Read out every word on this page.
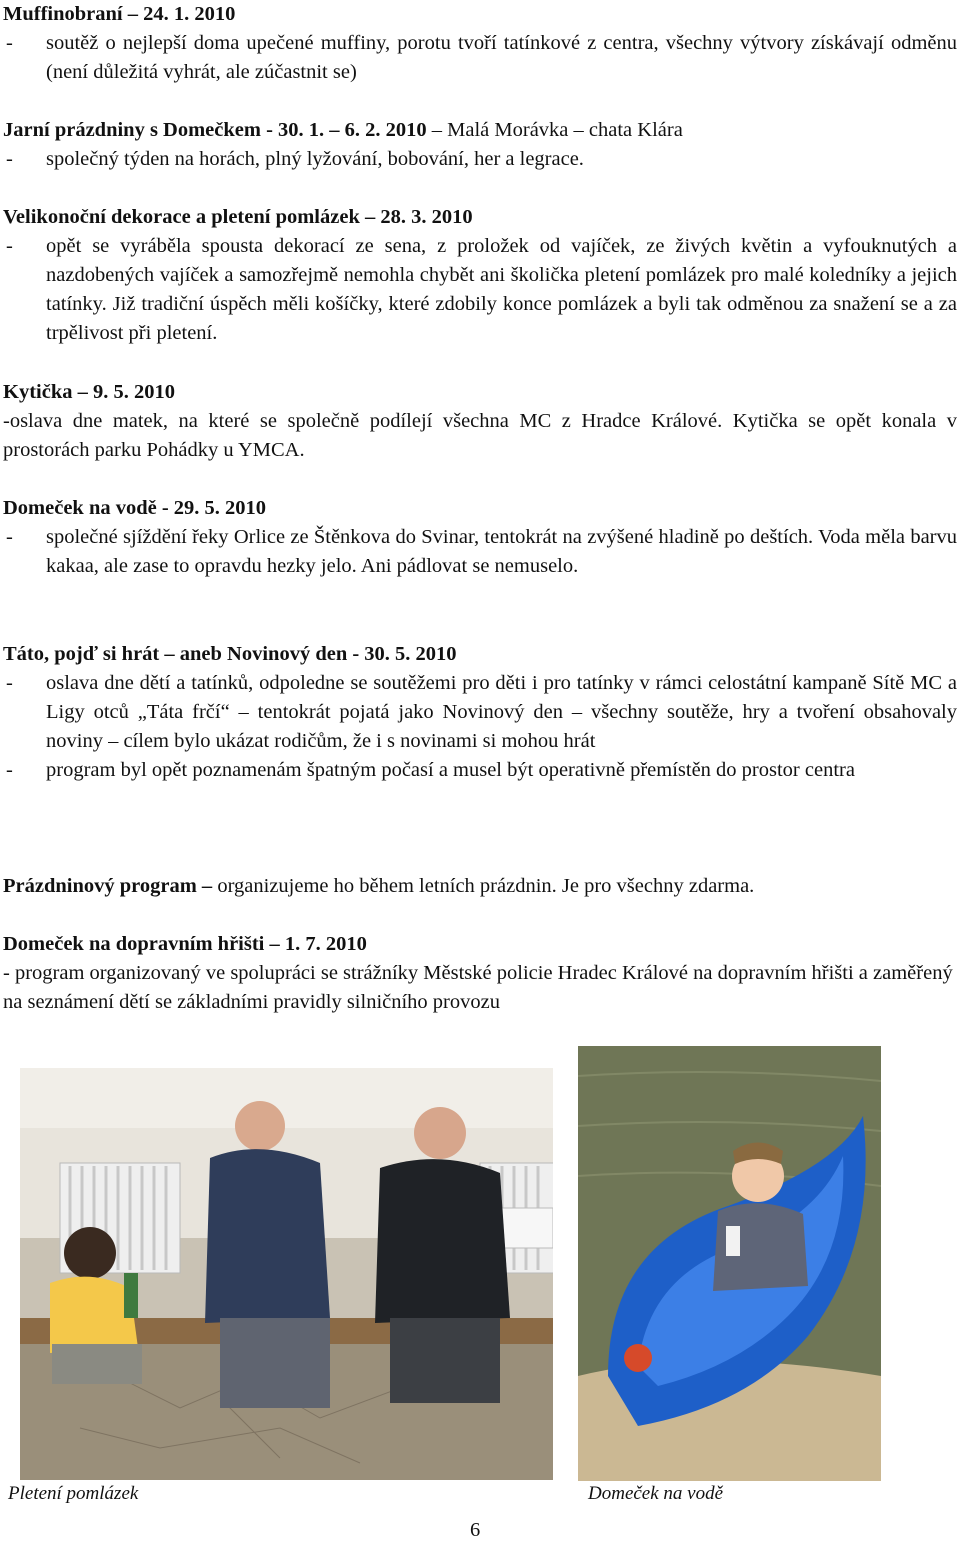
Muffinobraní – 24. 1. 2010

- soutěž o nejlepší doma upečené muffiny, porotu tvoří tatínkové z centra, všechny výtvory získávají odměnu (není důležitá vyhrát, ale zúčastnit se)

Jarní prázdniny s Domečkem - 30. 1. – 6. 2. 2010 – Malá Morávka – chata Klára

- společný týden na horách, plný lyžování, bobování, her a legrace.

Velikonoční dekorace a pletení pomlázek – 28. 3. 2010

- opět se vyráběla spousta dekorací ze sena, z proložek od vajíček, ze živých květin a vyfouknutých a nazdobených vajíček a samozřejmě nemohla chybět ani školička pletení pomlázek pro malé koledníky a jejich tatínky. Již tradiční úspěch měli košíčky, které zdobily konce pomlázek a byli tak odměnou za snažení se a za trpělivost při pletení.

Kytička – 9. 5. 2010

-oslava dne matek, na které se společně podílejí všechna MC z Hradce Králové. Kytička se opět konala v prostorách parku Pohádky u YMCA.

Domeček na vodě - 29. 5. 2010

- společné sjíždění řeky Orlice ze Štěnkova do Svinar, tentokrát na zvýšené hladině po deštích. Voda měla barvu kakaa, ale zase to opravdu hezky jelo. Ani pádlovat se nemuselo.

Táto, pojď si hrát – aneb Novinový den - 30. 5. 2010

- oslava dne dětí a tatínků, odpoledne se soutěžemi pro děti i pro tatínky v rámci celostátní kampaně Sítě MC a Ligy otců „Táta frčí“ – tentokrát pojatá jako Novinový den – všechny soutěže, hry a tvoření obsahovaly noviny – cílem bylo ukázat rodičům, že i s novinami si mohou hrát

- program byl opět poznamenám špatným počasí a musel být operativně přemístěn do prostor centra

Prázdninový program – organizujeme ho během letních prázdnin. Je pro všechny zdarma.

Domeček na dopravním hřišti – 1. 7. 2010

- program organizovaný ve spolupráci se strážníky Městské policie Hradec Králové na dopravním hřišti a zaměřený na seznámení dětí se základními pravidly silničního provozu

Pletení pomlázek	Domeček na vodě
6
